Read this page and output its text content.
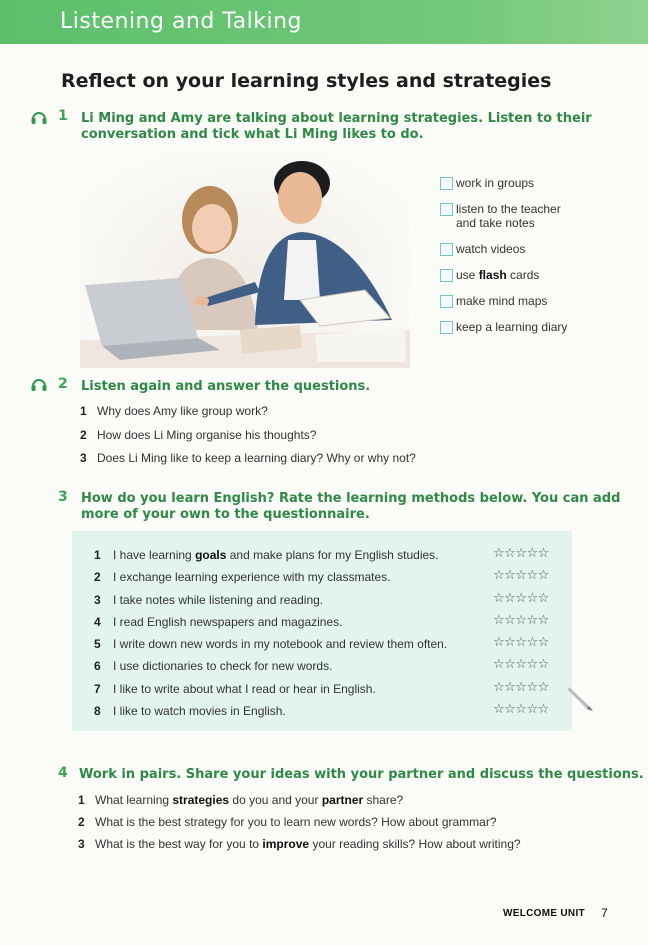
Listening and Talking
Reflect on your learning styles and strategies
1 Li Ming and Amy are talking about learning strategies. Listen to their
conversation and tick what Li Ming likes to do.
work in groups
listen to the teacher
and take notes
watch videos
use flash cards
make mind maps
keep a learning diary
2 Listen again and answer the questions.
1 Why does Amy like group work?
2 How does Li Ming organise his thoughts?
3 Does Li Ming like to keep a learning diary? Why or why not?
3 How do you learn English? Rate the learning methods below. You can add
more of your own to the questionnaire.
1	I have learning goals and make plans for my English studies.	☆☆☆☆☆
2	I exchange learning experience with my classmates.	☆☆☆☆☆
3	I take notes while listening and reading.	☆☆☆☆☆
4	I read English newspapers and magazines.	☆☆☆☆☆
5	I write down new words in my notebook and review them often.	☆☆☆☆☆
6	I use dictionaries to check for new words.	☆☆☆☆☆
7	I like to write about what I read or hear in English.	☆☆☆☆☆
8	I like to watch movies in English.	☆☆☆☆☆
4 Work in pairs. Share your ideas with your partner and discuss the questions.
1 What learning strategies do you and your partner share?
2 What is the best strategy for you to learn new words? How about grammar?
3 What is the best way for you to improve your reading skills? How about writing?
WELCOME UNIT 7
